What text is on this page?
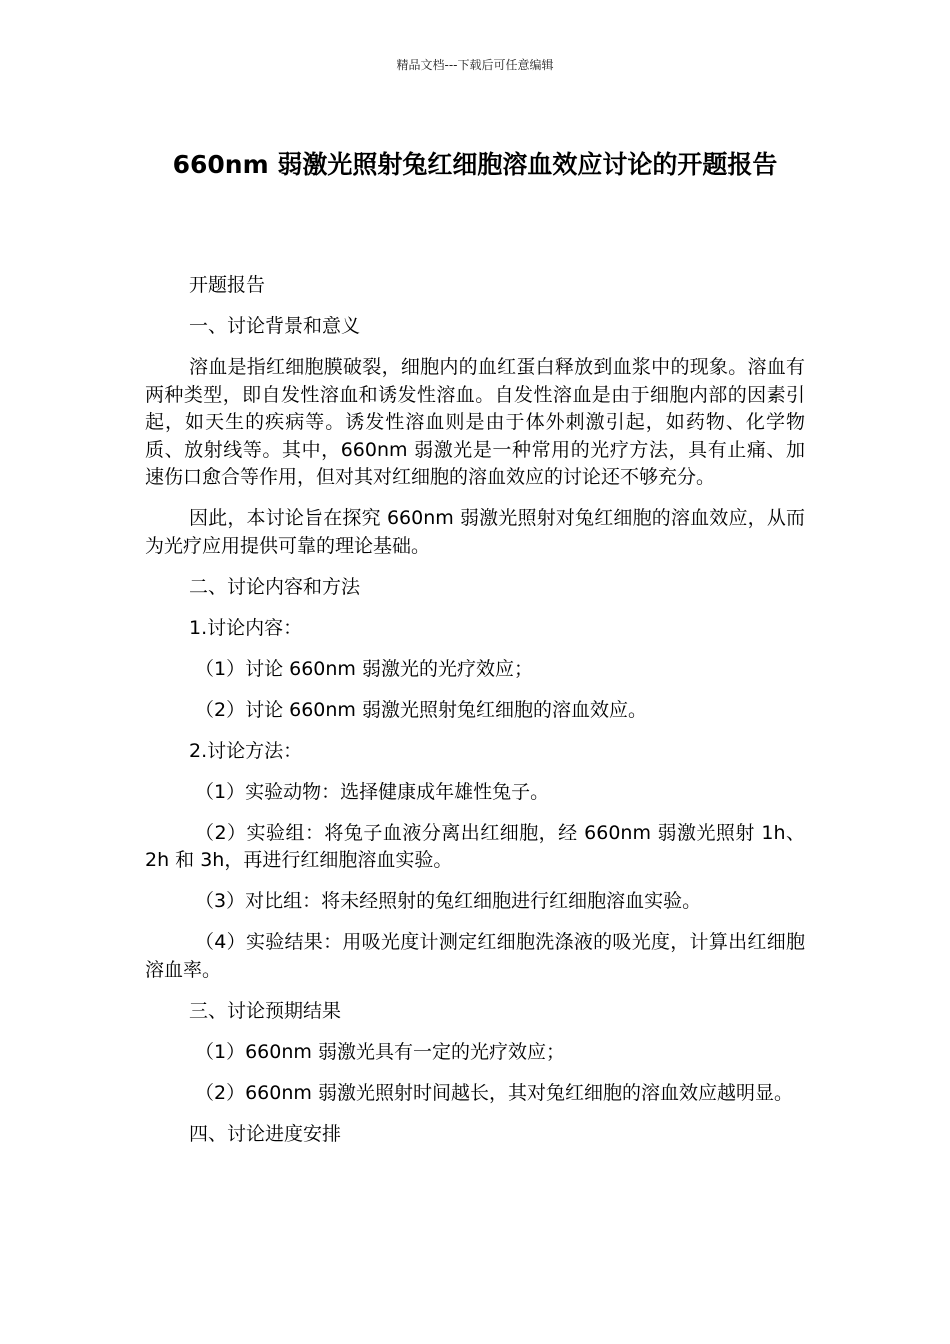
精品文档---下载后可任意编辑
660nm 弱激光照射兔红细胞溶血效应讨论的开题报告

开题报告

一、讨论背景和意义

溶血是指红细胞膜破裂，细胞内的血红蛋白释放到血浆中的现象。溶血有两种类型，即自发性溶血和诱发性溶血。自发性溶血是由于细胞内部的因素引起，如天生的疾病等。诱发性溶血则是由于体外刺激引起，如药物、化学物质、放射线等。其中，660nm 弱激光是一种常用的光疗方法，具有止痛、加速伤口愈合等作用，但对其对红细胞的溶血效应的讨论还不够充分。

因此，本讨论旨在探究 660nm 弱激光照射对兔红细胞的溶血效应，从而为光疗应用提供可靠的理论基础。

二、讨论内容和方法

1.讨论内容：

（1）讨论 660nm 弱激光的光疗效应；

（2）讨论 660nm 弱激光照射兔红细胞的溶血效应。

2.讨论方法：

（1）实验动物：选择健康成年雄性兔子。

（2）实验组：将兔子血液分离出红细胞，经 660nm 弱激光照射 1h、2h 和 3h，再进行红细胞溶血实验。

（3）对比组：将未经照射的兔红细胞进行红细胞溶血实验。

（4）实验结果：用吸光度计测定红细胞洗涤液的吸光度，计算出红细胞溶血率。

三、讨论预期结果

（1）660nm 弱激光具有一定的光疗效应；

（2）660nm 弱激光照射时间越长，其对兔红细胞的溶血效应越明显。

四、讨论进度安排
